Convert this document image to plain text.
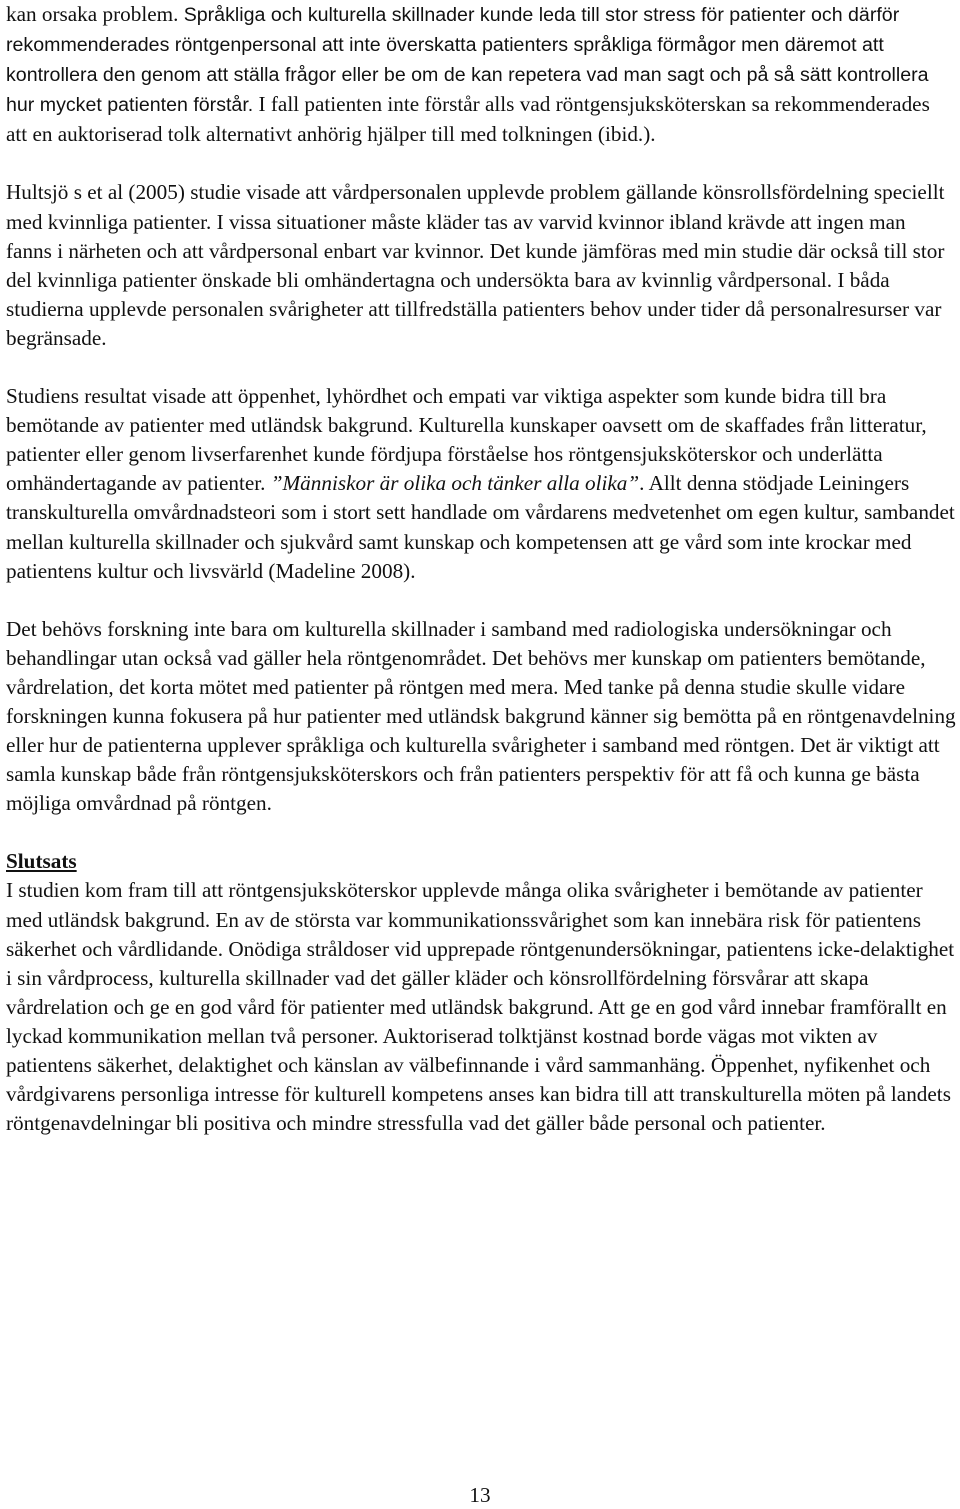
kan orsaka problem. Språkliga och kulturella skillnader kunde leda till stor stress för patienter och därför rekommenderades röntgenpersonal att inte överskatta patienters språkliga förmågor men däremot att kontrollera den genom att ställa frågor eller be om de kan repetera vad man sagt och på så sätt kontrollera hur mycket patienten förstår. I fall patienten inte förstår alls vad röntgensjuksköterskan sa rekommenderades att en auktoriserad tolk alternativt anhörig hjälper till med tolkningen (ibid.).

Hultsjö s et al (2005) studie visade att vårdpersonalen upplevde problem gällande könsrollsfördelning speciellt med kvinnliga patienter. I vissa situationer måste kläder tas av varvid kvinnor ibland krävde att ingen man fanns i närheten och att vårdpersonal enbart var kvinnor. Det kunde jämföras med min studie där också till stor del kvinnliga patienter önskade bli omhändertagna och undersökta bara av kvinnlig vårdpersonal. I båda studierna upplevde personalen svårigheter att tillfredställa patienters behov under tider då personalresurser var begränsade.

Studiens resultat visade att öppenhet, lyhördhet och empati var viktiga aspekter som kunde bidra till bra bemötande av patienter med utländsk bakgrund. Kulturella kunskaper oavsett om de skaffades från litteratur, patienter eller genom livserfarenhet kunde fördjupa förståelse hos röntgensjuksköterskor och underlätta omhändertagande av patienter. ”Människor är olika och tänker alla olika”. Allt denna stödjade Leiningers transkulturella omvårdnadsteori som i stort sett handlade om vårdarens medvetenhet om egen kultur, sambandet mellan kulturella skillnader och sjukvård samt kunskap och kompetensen att ge vård som inte krockar med patientens kultur och livsvärld (Madeline 2008).

Det behövs forskning inte bara om kulturella skillnader i samband med radiologiska undersökningar och behandlingar utan också vad gäller hela röntgenområdet. Det behövs mer kunskap om patienters bemötande, vårdrelation, det korta mötet med patienter på röntgen med mera. Med tanke på denna studie skulle vidare forskningen kunna fokusera på hur patienter med utländsk bakgrund känner sig bemötta på en röntgenavdelning eller hur de patienterna upplever språkliga och kulturella svårigheter i samband med röntgen. Det är viktigt att samla kunskap både från röntgensjuksköterskors och från patienters perspektiv för att få och kunna ge bästa möjliga omvårdnad på röntgen.

Slutsats

I studien kom fram till att röntgensjuksköterskor upplevde många olika svårigheter i bemötande av patienter med utländsk bakgrund. En av de största var kommunikationssvårighet som kan innebära risk för patientens säkerhet och vårdlidande. Onödiga stråldoser vid upprepade röntgenundersökningar, patientens icke-delaktighet i sin vårdprocess, kulturella skillnader vad det gäller kläder och könsrollfördelning försvårar att skapa vårdrelation och ge en god vård för patienter med utländsk bakgrund. Att ge en god vård innebar framförallt en lyckad kommunikation mellan två personer. Auktoriserad tolktjänst kostnad borde vägas mot vikten av patientens säkerhet, delaktighet och känslan av välbefinnande i vård sammanhäng. Öppenhet, nyfikenhet och vårdgivarens personliga intresse för kulturell kompetens anses kan bidra till att transkulturella möten på landets röntgenavdelningar bli positiva och mindre stressfulla vad det gäller både personal och patienter.

13
